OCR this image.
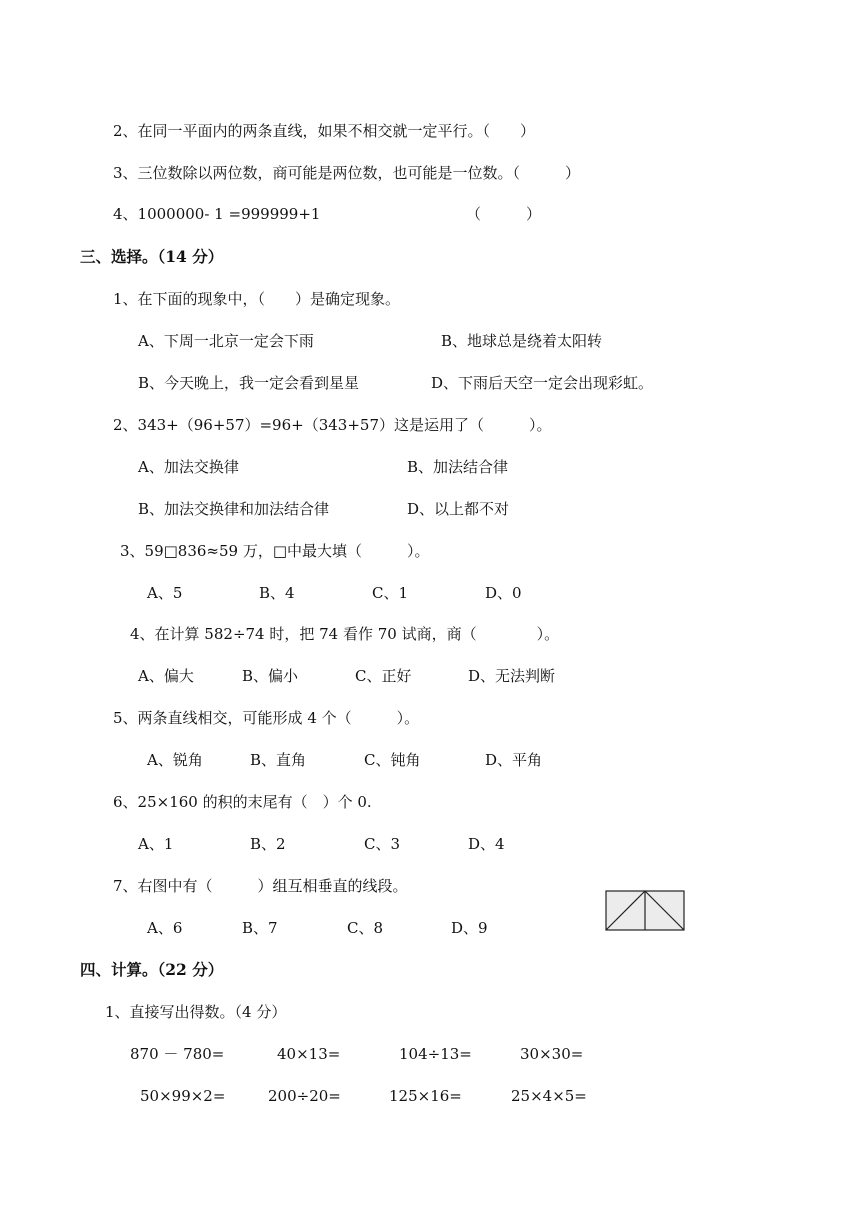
2、在同一平面内的两条直线，如果不相交就一定平行。（　　）
3、三位数除以两位数，商可能是两位数，也可能是一位数。（　　　）
4、1000000- 1 =999999+1	（　　　）
三、选择。（14 分）
1、在下面的现象中，（　　）是确定现象。
A、下周一北京一定会下雨	B、地球总是绕着太阳转
B、今天晚上，我一定会看到星星	D、下雨后天空一定会出现彩虹。
2、343+（96+57）=96+（343+57）这是运用了（　　　）。
A、加法交换律	B、加法结合律
B、加法交换律和加法结合律	D、以上都不对
3、59□836≈59 万，□中最大填（　　　）。
A、5	B、4	C、1	D、0
4、在计算 582÷74 时，把 74 看作 70 试商，商（　　　　）。
A、偏大	B、偏小	C、正好	D、无法判断
5、两条直线相交，可能形成 4 个（　　　）。
A、锐角	B、直角	C、钝角	D、平角
6、25×160 的积的末尾有（　）个 0.
A、1	B、2	C、3	D、4
7、右图中有（　　　）组互相垂直的线段。
A、6	B、7	C、8	D、9
四、计算。（22 分）
1、直接写出得数。（4 分）
870 － 780=	40×13=	104÷13=	30×30=
50×99×2=	200÷20=	125×16=	25×4×5=
